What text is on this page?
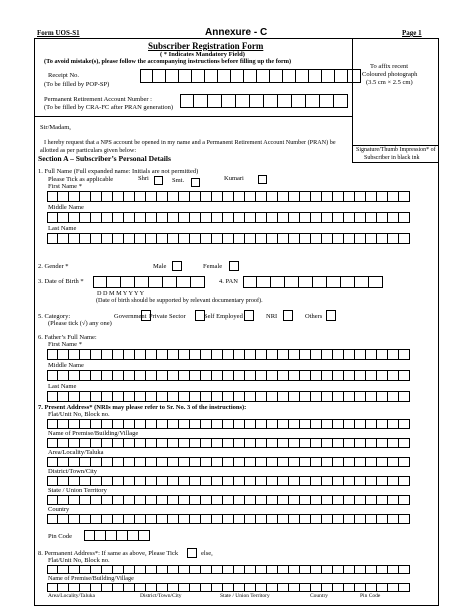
Form UOS-S1	Annexure - C	Page 1
Subscriber Registration Form
( * Indicates Mandatory Field)
(To avoid mistake(s), please follow the accompanying instructions before filling up the form)
Receipt No.
(To be filled by POP-SP)
Permanent Retirement Account Number :
(To be filled by CRA-FC after PRAN generation)
To affix recent
Coloured photograph
(3.5 cm × 2.5 cm)
Sir/Madam,
I hereby request that a NPS account be opened in my name and a Permanent Retirement Account Number (PRAN) be
allotted as per particulars given below:	Signature/Thumb Impression* of
Subscriber in black ink
Section A – Subscriber’s Personal Details
1. Full Name (Full expanded name: Initials are not permitted)
Please Tick as applicable	Shri	Smt.	Kumari
First Name *
Middle Name
Last Name
2. Gender *	Male	Female
3. Date of Birth *
D D M M Y Y Y Y
(Date of birth should be supported by relevant documentary proof).
4. PAN
5. Category:
(Please tick (√) any one)
Government Private Sector	Self Employed	NRI	Others
6. Father’s Full Name:
First Name *
Middle Name
Last Name
7. Present Address* (NRIs may please refer to Sr. No. 3 of the instructions):
Flat/Unit No, Block no.
Name of Premise/Building/Village
Area/Locality/Taluka
District/Town/City
State / Union Territory
Country
Pin Code
8. Permanent Address*: If same as above, Please Tick	else,
Flat/Unit No, Block no.
Name of Premise/Building/Village
Area/Locality/Taluka	District/Town/City	State / Union Territory	Country	Pin Code
